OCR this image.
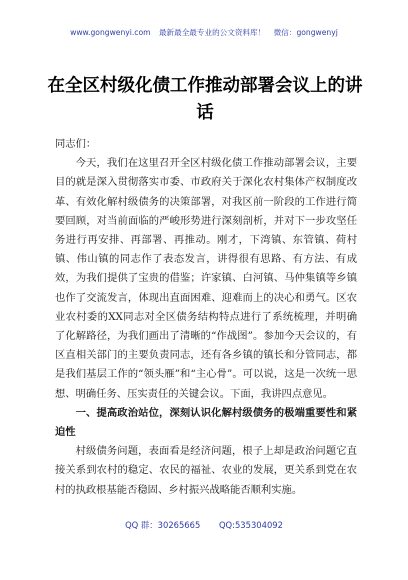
www.gongwenyi.com 最新最全最专业的公文资料库！ 微信：gongwenyj
在全区村级化债工作推动部署会议上的讲话

同志们：

今天，我们在这里召开全区村级化债工作推动部署会议，主要目的就是深入贯彻落实市委、市政府关于深化农村集体产权制度改革、有效化解村级债务的决策部署，对我区前一阶段的工作进行简要回顾，对当前面临的严峻形势进行深刻剖析，并对下一步攻坚任务进行再安排、再部署、再推动。刚才，下湾镇、东管镇、荷村镇、伟山镇的同志作了表态发言，讲得很有思路、有方法、有成效，为我们提供了宝贵的借鉴；许家镇、白河镇、马仲集镇等乡镇也作了交流发言，体现出直面困难、迎难而上的决心和勇气。区农业农村委的XX同志对全区债务结构特点进行了系统梳理，并明确了化解路径，为我们画出了清晰的“作战图”。参加今天会议的，有区直相关部门的主要负责同志，还有各乡镇的镇长和分管同志，都是我们基层工作的“领头雁”和“主心骨”。可以说，这是一次统一思想、明确任务、压实责任的关键会议。下面，我讲四点意见。

一、提高政治站位，深刻认识化解村级债务的极端重要性和紧迫性

村级债务问题，表面看是经济问题，根子上却是政治问题它直接关系到农村的稳定、农民的福祉、农业的发展，更关系到党在农村的执政根基能否稳固、乡村振兴战略能否顺利实施。

QQ 群：30265665 QQ:535304092
